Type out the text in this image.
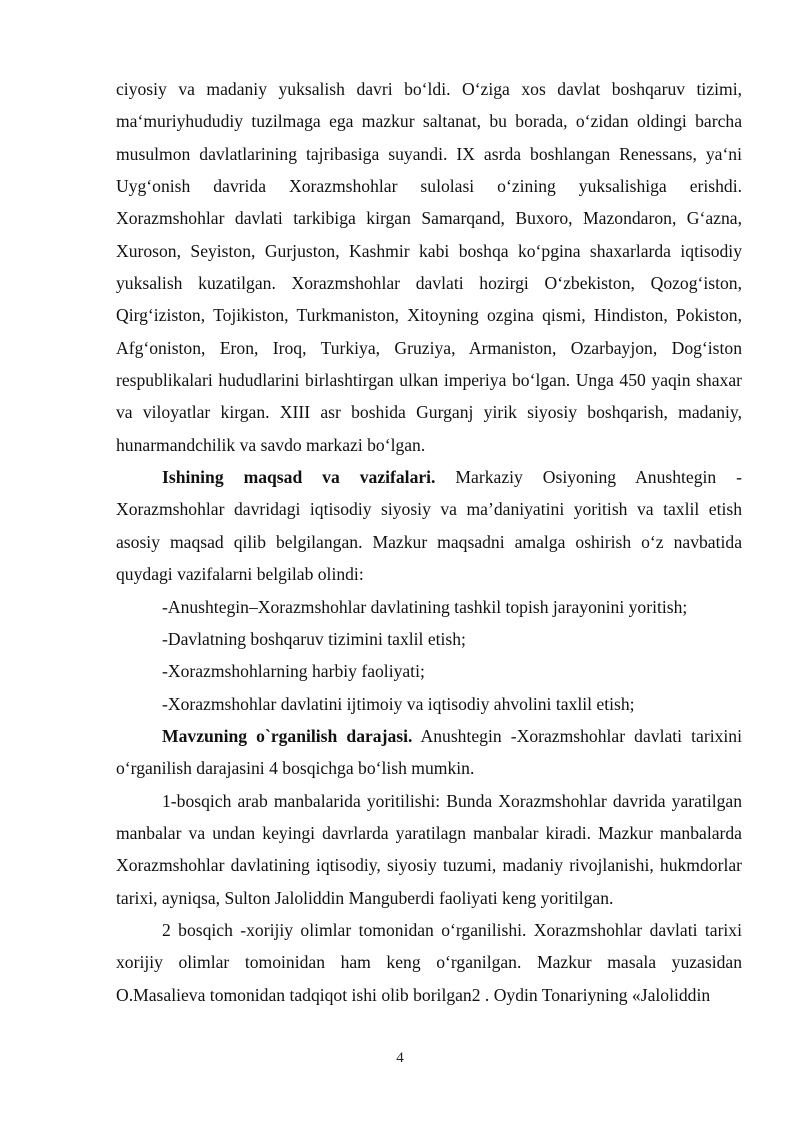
ciyosiy va madaniy yuksalish davri bo‘ldi. O‘ziga xos davlat boshqaruv tizimi, ma‘muriyhududiy tuzilmaga ega mazkur saltanat, bu borada, o‘zidan oldingi barcha musulmon davlatlarining tajribasiga suyandi. IX asrda boshlangan Renessans, ya‘ni Uyg‘onish davrida Xorazmshohlar sulolasi o‘zining yuksalishiga erishdi. Xorazmshohlar davlati tarkibiga kirgan Samarqand, Buxoro, Mazondaron, G‘azna, Xuroson, Seyiston, Gurjuston, Kashmir kabi boshqa ko‘pgina shaxarlarda iqtisodiy yuksalish kuzatilgan. Xorazmshohlar davlati hozirgi O‘zbekiston, Qozog‘iston, Qirg‘iziston, Tojikiston, Turkmaniston, Xitoyning ozgina qismi, Hindiston, Pokiston, Afg‘oniston, Eron, Iroq, Turkiya, Gruziya, Armaniston, Ozarbayjon, Dog‘iston respublikalari hududlarini birlashtirgan ulkan imperiya bo‘lgan. Unga 450 yaqin shaxar va viloyatlar kirgan. XIII asr boshida Gurganj yirik siyosiy boshqarish, madaniy, hunarmandchilik va savdo markazi bo‘lgan.

Ishining maqsad va vazifalari. Markaziy Osiyoning Anushtegin - Xorazmshohlar davridagi iqtisodiy siyosiy va ma’daniyatini yoritish va taxlil etish asosiy maqsad qilib belgilangan. Mazkur maqsadni amalga oshirish o‘z navbatida quydagi vazifalarni belgilab olindi:

-Anushtegin–Xorazmshohlar davlatining tashkil topish jarayonini yoritish;

-Davlatning boshqaruv tizimini taxlil etish;

-Xorazmshohlarning harbiy faoliyati;

-Xorazmshohlar davlatini ijtimoiy va iqtisodiy ahvolini taxlil etish;

Mavzuning o`rganilish darajasi. Anushtegin -Xorazmshohlar davlati tarixini o‘rganilish darajasini 4 bosqichga bo‘lish mumkin.

1-bosqich arab manbalarida yoritilishi: Bunda Xorazmshohlar davrida yaratilgan manbalar va undan keyingi davrlarda yaratilagn manbalar kiradi. Mazkur manbalarda Xorazmshohlar davlatining iqtisodiy, siyosiy tuzumi, madaniy rivojlanishi, hukmdorlar tarixi, ayniqsa, Sulton Jaloliddin Manguberdi faoliyati keng yoritilgan.

2 bosqich -xorijiy olimlar tomonidan o‘rganilishi. Xorazmshohlar davlati tarixi xorijiy olimlar tomoinidan ham keng o‘rganilgan. Mazkur masala yuzasidan O.Masalieva tomonidan tadqiqot ishi olib borilgan2 . Oydin Tonariyning «Jaloliddin

4
